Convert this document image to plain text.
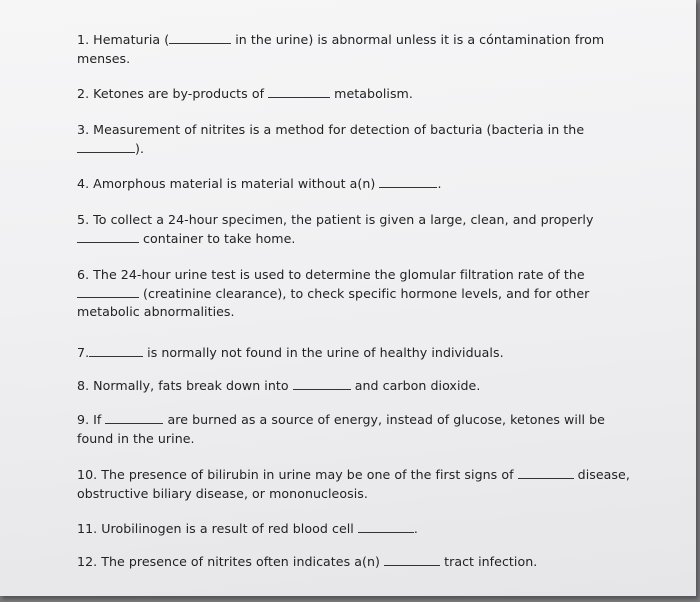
1. Hematuria (	in the urine) is abnormal unless it is a cóntamination from
menses.
2. Ketones are by-products of	metabolism.
3. Measurement of nitrites is a method for detection of bacturia (bacteria in the
).
4. Amorphous material is material without a(n)	.
5. To collect a 24-hour specimen, the patient is given a large, clean, and properly
container to take home.
6. The 24-hour urine test is used to determine the glomular filtration rate of the
(creatinine clearance), to check specific hormone levels, and for other
metabolic abnormalities.
7.	is normally not found in the urine of healthy individuals.
8. Normally, fats break down into	and carbon dioxide.
9. If	are burned as a source of energy, instead of glucose, ketones will be
found in the urine.
10. The presence of bilirubin in urine may be one of the first signs of	disease,
obstructive biliary disease, or mononucleosis.
11. Urobilinogen is a result of red blood cell	.
12. The presence of nitrites often indicates a(n)	tract infection.
